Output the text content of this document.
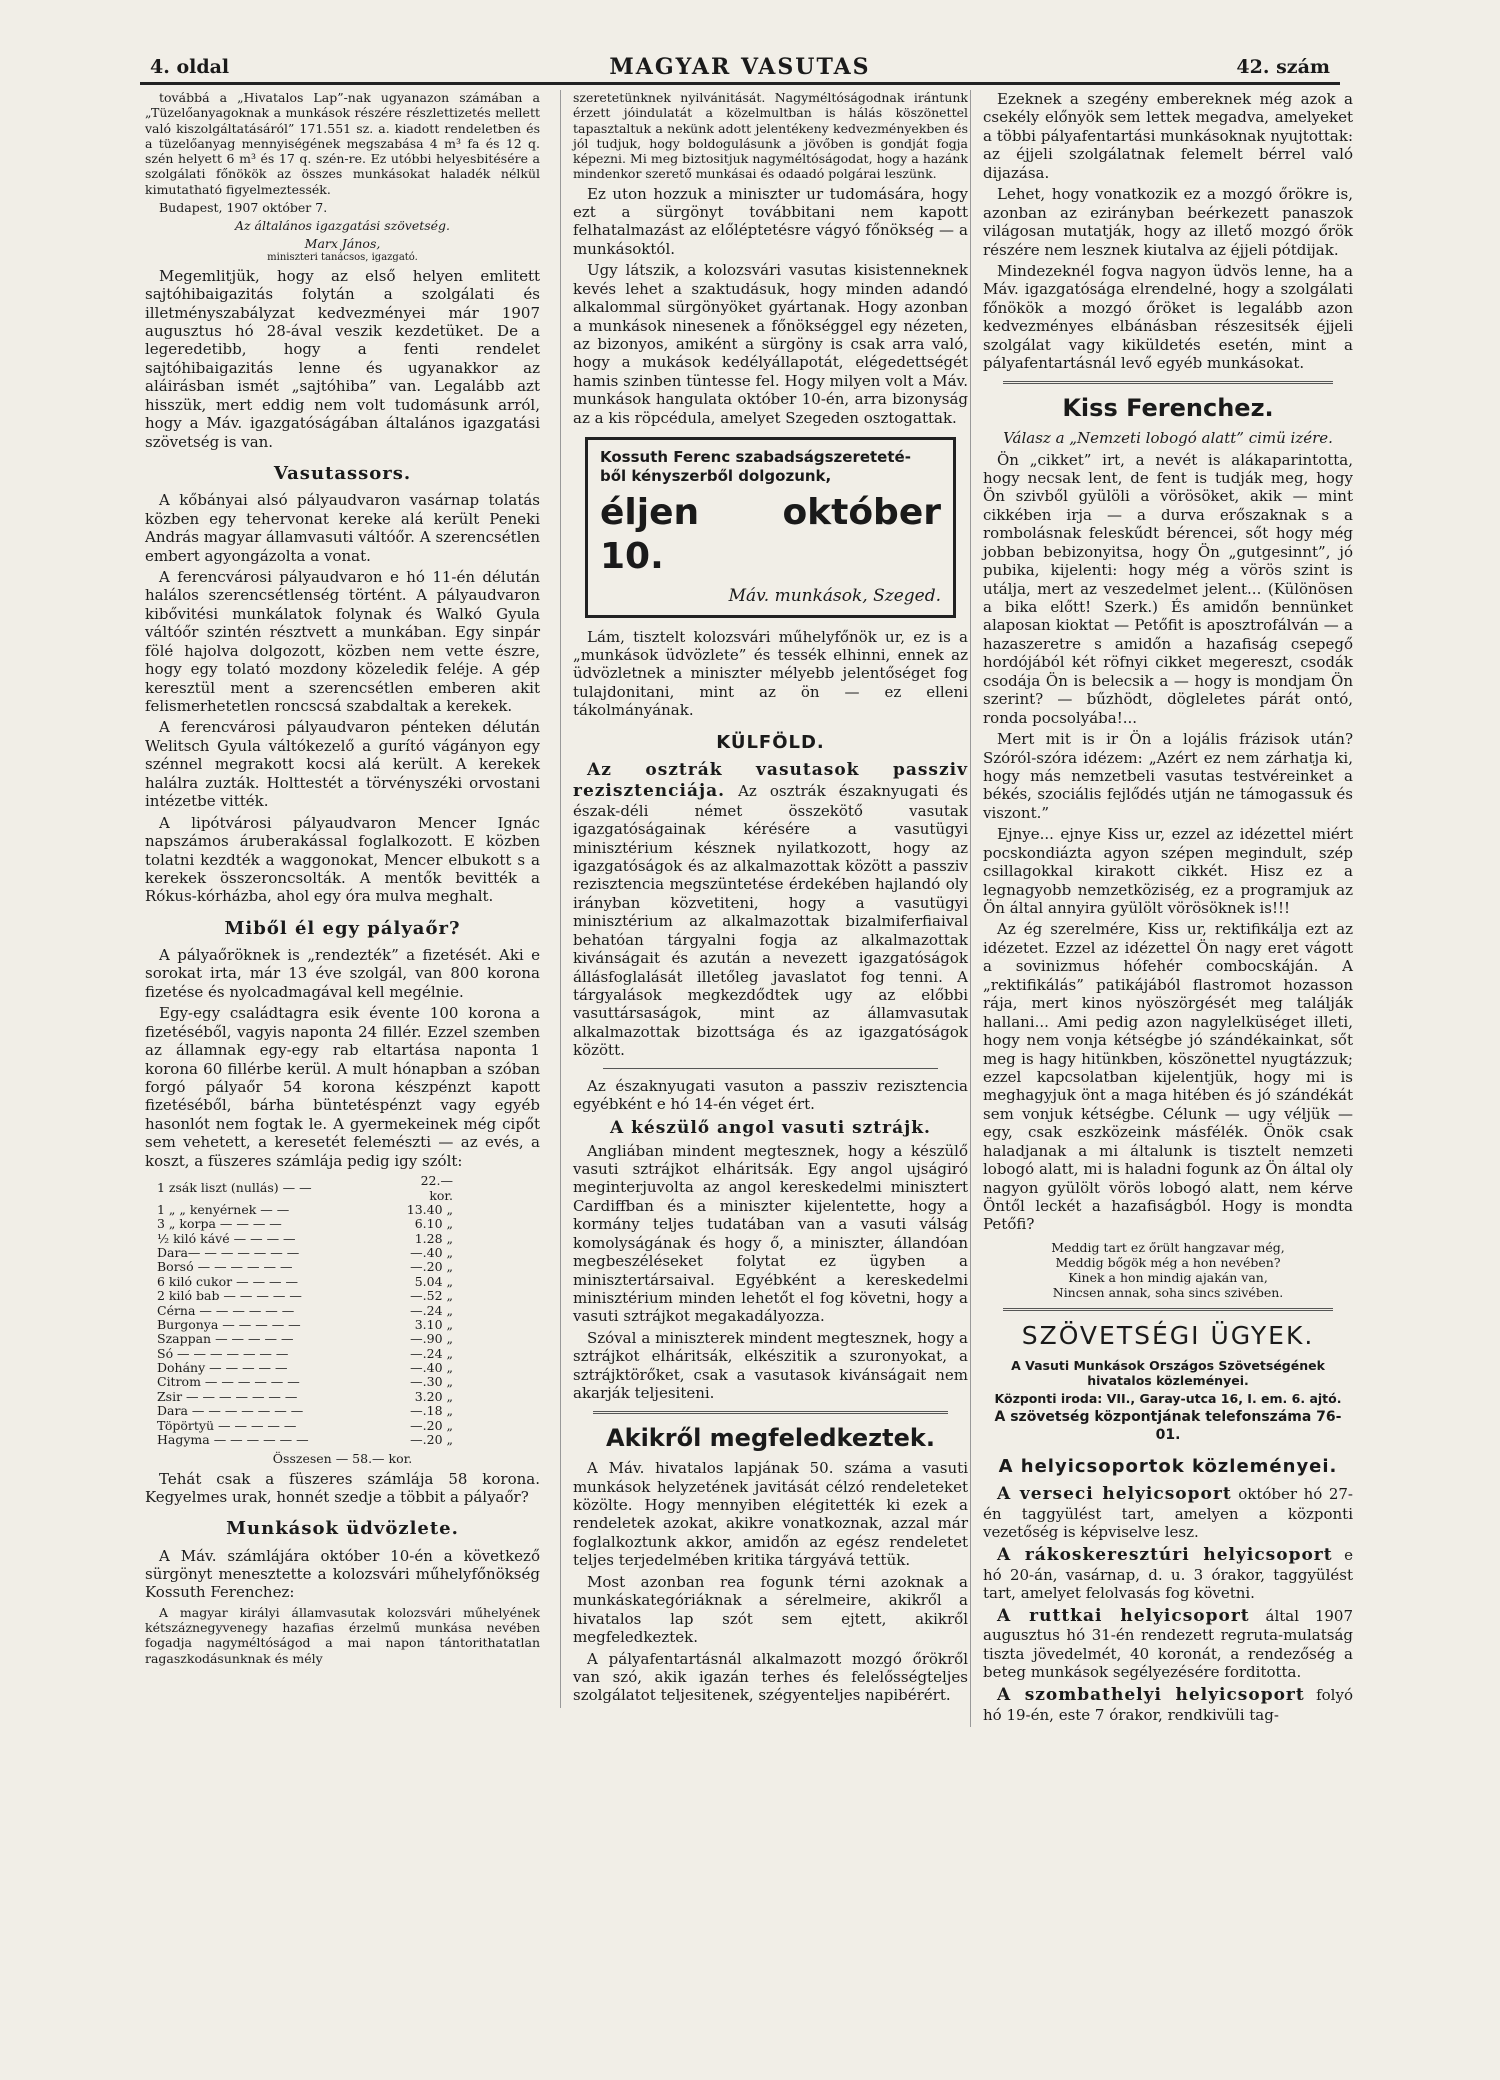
4. oldal	MAGYAR VASUTAS	42. szám

továbbá a „Hivatalos Lap”-nak ugyanazon számában a „Tüzelőanyagoknak a munkások részére részlettizetés mellett való kiszolgáltatásáról” 171.551 sz. a. kiadott rendeletben és a tüzelőanyag mennyiségének megszabása 4 m³ fa és 12 q. szén helyett 6 m³ és 17 q. szén-re. Ez utóbbi helyesbitésére a szolgálati főnökök az összes munkásokat haladék nélkül kimutatható figyelmeztessék.

Budapest, 1907 október 7.

Az általános igazgatási szövetség.

Marx János,

miniszteri tanácsos, igazgató.

Megemlitjük, hogy az első helyen emlitett sajtóhibaigazitás folytán a szolgálati és illetményszabályzat kedvezményei már 1907 augusztus hó 28-ával veszik kezdetüket. De a legeredetibb, hogy a fenti rendelet sajtóhibaigazitás lenne és ugyanakkor az aláirásban ismét „sajtóhiba” van. Legalább azt hisszük, mert eddig nem volt tudomásunk arról, hogy a Máv. igazgatóságában általános igazgatási szövetség is van.

Vasutassors.

A kőbányai alsó pályaudvaron vasárnap tolatás közben egy tehervonat kereke alá került Peneki András magyar államvasuti váltóőr. A szerencsétlen embert agyongázolta a vonat.

A ferencvárosi pályaudvaron e hó 11-én délután halálos szerencsétlenség történt. A pályaudvaron kibővitési munkálatok folynak és Walkó Gyula váltóőr szintén résztvett a munkában. Egy sinpár fölé hajolva dolgozott, közben nem vette észre, hogy egy tolató mozdony közeledik feléje. A gép keresztül ment a szerencsétlen emberen akit felismerhetetlen roncscsá szabdaltak a kerekek.

A ferencvárosi pályaudvaron pénteken délután Welitsch Gyula váltókezelő a gurító vágányon egy szénnel megrakott kocsi alá került. A kerekek halálra zuzták. Holttestét a törvényszéki orvostani intézetbe vitték.

A lipótvárosi pályaudvaron Mencer Ignác napszámos áruberakással foglalkozott. E közben tolatni kezdték a waggonokat, Mencer elbukott s a kerekek összeroncsolták. A mentők bevitték a Rókus-kórházba, ahol egy óra mulva meghalt.

Miből él egy pályaőr?

A pályaőröknek is „rendezték” a fizetését. Aki e sorokat irta, már 13 éve szolgál, van 800 korona fizetése és nyolcadmagával kell megélnie.

Egy-egy családtagra esik évente 100 korona a fizetéséből, vagyis naponta 24 fillér. Ezzel szemben az államnak egy-egy rab eltartása naponta 1 korona 60 fillérbe kerül. A mult hónapban a szóban forgó pályaőr 54 korona készpénzt kapott fizetéséből, bárha büntetéspénzt vagy egyéb hasonlót nem fogtak le. A gyermekeinek még cipőt sem vehetett, a keresetét felemészti — az evés, a koszt, a füszeres számlája pedig igy szólt:

1 zsák liszt (nullás) — —	22.— kor.
1 „ „ kenyérnek — —	13.40 „
3 „ korpa — — — —	6.10 „
½ kiló kávé — — — —	1.28 „
Dara— — — — — — —	—.40 „
Borsó — — — — — —	—.20 „
6 kiló cukor — — — —	5.04 „
2 kiló bab — — — — —	—.52 „
Cérna — — — — — —	—.24 „
Burgonya — — — — —	3.10 „
Szappan — — — — —	—.90 „
Só — — — — — — —	—.24 „
Dohány — — — — —	—.40 „
Citrom — — — — — —	—.30 „
Zsir — — — — — — —	3.20 „
Dara — — — — — — —	—.18 „
Töpörtyü — — — — —	—.20 „
Hagyma — — — — — —	—.20 „

Összesen — 58.— kor.

Tehát csak a füszeres számlája 58 korona. Kegyelmes urak, honnét szedje a többit a pályaőr?

Munkások üdvözlete.

A Máv. számlájára október 10-én a következő sürgönyt menesztette a kolozsvári műhelyfőnökség Kossuth Ferenchez:

A magyar királyi államvasutak kolozsvári műhelyének kétszáznegyvenegy hazafias érzelmű munkása nevében fogadja nagyméltóságod a mai napon tántorithatatlan ragaszkodásunknak és mély

szeretetünknek nyilvánitását. Nagyméltóságodnak irántunk érzett jóindulatát a közelmultban is hálás köszönettel tapasztaltuk a nekünk adott jelentékeny kedvezményekben és jól tudjuk, hogy boldogulásunk a jövőben is gondját fogja képezni. Mi meg biztositjuk nagyméltóságodat, hogy a hazánk mindenkor szerető munkásai és odaadó polgárai leszünk.

Ez uton hozzuk a miniszter ur tudomására, hogy ezt a sürgönyt továbbitani nem kapott felhatalmazást az előléptetésre vágyó főnökség — a munkásoktól.

Ugy látszik, a kolozsvári vasutas kisistenneknek kevés lehet a szaktudásuk, hogy minden adandó alkalommal sürgönyöket gyártanak. Hogy azonban a munkások ninesenek a főnökséggel egy nézeten, az bizonyos, amiként a sürgöny is csak arra való, hogy a mukások kedélyállapotát, elégedettségét hamis szinben tüntesse fel. Hogy milyen volt a Máv. munkások hangulata október 10-én, arra bizonyság az a kis röpcédula, amelyet Szegeden osztogattak.

Kossuth Ferenc szabadságszereteté-
ből kényszerből dolgozunk,
éljen október 10.
Máv. munkások, Szeged.

Lám, tisztelt kolozsvári műhelyfőnök ur, ez is a „munkások üdvözlete” és tessék elhinni, ennek az üdvözletnek a miniszter mélyebb jelentőséget fog tulajdonitani, mint az ön — ez elleni tákolmányának.

KÜLFÖLD.

Az osztrák vasutasok passziv rezisztenciája. Az osztrák északnyugati és észak-déli német összekötő vasutak igazgatóságainak kérésére a vasutügyi minisztérium késznek nyilatkozott, hogy az igazgatóságok és az alkalmazottak között a passziv rezisztencia megszüntetése érdekében hajlandó oly irányban közvetiteni, hogy a vasutügyi minisztérium az alkalmazottak bizalmiferfiaival behatóan tárgyalni fogja az alkalmazottak kivánságait és azután a nevezett igazgatóságok állásfoglalását illetőleg javaslatot fog tenni. A tárgyalások megkezdődtek ugy az előbbi vasuttársaságok, mint az államvasutak alkalmazottak bizottsága és az igazgatóságok között.

Az északnyugati vasuton a passziv rezisztencia egyébként e hó 14-én véget ért.

A készülő angol vasuti sztrájk.

Angliában mindent megtesznek, hogy a készülő vasuti sztrájkot elháritsák. Egy angol ujságiró meginterjuvolta az angol kereskedelmi minisztert Cardiffban és a miniszter kijelentette, hogy a kormány teljes tudatában van a vasuti válság komolyságának és hogy ő, a miniszter, állandóan megbeszéléseket folytat ez ügyben a minisztertársaival. Egyébként a kereskedelmi minisztérium minden lehetőt el fog követni, hogy a vasuti sztrájkot megakadályozza.

Szóval a miniszterek mindent megtesznek, hogy a sztrájkot elháritsák, elkészitik a szuronyokat, a sztrájktörőket, csak a vasutasok kivánságait nem akarják teljesiteni.

Akikről megfeledkeztek.

A Máv. hivatalos lapjának 50. száma a vasuti munkások helyzetének javitását célzó rendeleteket közölte. Hogy mennyiben elégitették ki ezek a rendeletek azokat, akikre vonatkoznak, azzal már foglalkoztunk akkor, amidőn az egész rendeletet teljes terjedelmében kritika tárgyává tettük.

Most azonban rea fogunk térni azoknak a munkáskategóriáknak a sérelmeire, akikről a hivatalos lap szót sem ejtett, akikről megfeledkeztek.

A pályafentartásnál alkalmazott mozgó őrökről van szó, akik igazán terhes és felelősségteljes szolgálatot teljesitenek, szégyenteljes napibérért.

Ezeknek a szegény embereknek még azok a csekély előnyök sem lettek megadva, amelyeket a többi pályafentartási munkásoknak nyujtottak: az éjjeli szolgálatnak felemelt bérrel való dijazása.

Lehet, hogy vonatkozik ez a mozgó őrökre is, azonban az ezirányban beérkezett panaszok világosan mutatják, hogy az illető mozgó őrök részére nem lesznek kiutalva az éjjeli pótdijak.

Mindezeknél fogva nagyon üdvös lenne, ha a Máv. igazgatósága elrendelné, hogy a szolgálati főnökök a mozgó őröket is legalább azon kedvezményes elbánásban részesitsék éjjeli szolgálat vagy kiküldetés esetén, mint a pályafentartásnál levő egyéb munkásokat.

Kiss Ferenchez.

Válasz a „Nemzeti lobogó alatt” cimü izére.

Ön „cikket” irt, a nevét is alákaparintotta, hogy necsak lent, de fent is tudják meg, hogy Ön szivből gyülöli a vörösöket, akik — mint cikkében irja — a durva erőszaknak s a rombolásnak feleskűdt bérencei, sőt hogy még jobban bebizonyitsa, hogy Ön „gutgesinnt”, jó pubika, kijelenti: hogy még a vörös szint is utálja, mert az veszedelmet jelent... (Különösen a bika előtt! Szerk.) És amidőn bennünket alaposan kioktat — Petőfit is aposztrofálván — a hazaszeretre s amidőn a hazafiság csepegő hordójából két röfnyi cikket megereszt, csodák csodája Ön is belecsik a — hogy is mondjam Ön szerint? — bűzhödt, dögleletes párát ontó, ronda pocsolyába!...

Mert mit is ir Ön a lojális frázisok után? Szóról-szóra idézem: „Azért ez nem zárhatja ki, hogy más nemzetbeli vasutas testvéreinket a békés, szociális fejlődés utján ne támogassuk és viszont.”

Ejnye... ejnye Kiss ur, ezzel az idézettel miért pocskondiázta agyon szépen megindult, szép csillagokkal kirakott cikkét. Hisz ez a legnagyobb nemzetköziség, ez a programjuk az Ön által annyira gyülölt vörösöknek is!!!

Az ég szerelmére, Kiss ur, rektifikálja ezt az idézetet. Ezzel az idézettel Ön nagy eret vágott a sovinizmus hófehér combocskáján. A „rektifikálás” patikájából flastromot hozasson rája, mert kinos nyöszörgését meg találják hallani... Ami pedig azon nagylelküséget illeti, hogy nem vonja kétségbe jó szándékainkat, sőt meg is hagy hitünkben, köszönettel nyugtázzuk; ezzel kapcsolatban kijelentjük, hogy mi is meghagyjuk önt a maga hitében és jó szándékát sem vonjuk kétségbe. Célunk — ugy véljük — egy, csak eszközeink másfélék. Önök csak haladjanak a mi általunk is tisztelt nemzeti lobogó alatt, mi is haladni fogunk az Ön által oly nagyon gyülölt vörös lobogó alatt, nem kérve Öntől leckét a hazafiságból. Hogy is mondta Petőfi?

Meddig tart ez őrült hangzavar még,
Meddig bőgök még a hon nevében?
Kinek a hon mindig ajakán van,
Nincsen annak, soha sincs szivében.
SZÖVETSÉGI ÜGYEK.

A Vasuti Munkások Országos Szövetségének hivatalos közleményei.

Központi iroda: VII., Garay-utca 16, I. em. 6. ajtó.

A szövetség központjának telefonszáma 76-01.

A helyicsoportok közleményei.

A verseci helyicsoport október hó 27-én taggyülést tart, amelyen a központi vezetőség is képviselve lesz.

A rákoskeresztúri helyicsoport e hó 20-án, vasárnap, d. u. 3 órakor, taggyülést tart, amelyet felolvasás fog követni.

A ruttkai helyicsoport által 1907 augusztus hó 31-én rendezett regruta-mulatság tiszta jövedelmét, 40 koronát, a rendezőség a beteg munkások segélyezésére forditotta.

A szombathelyi helyicsoport folyó hó 19-én, este 7 órakor, rendkivüli tag-
